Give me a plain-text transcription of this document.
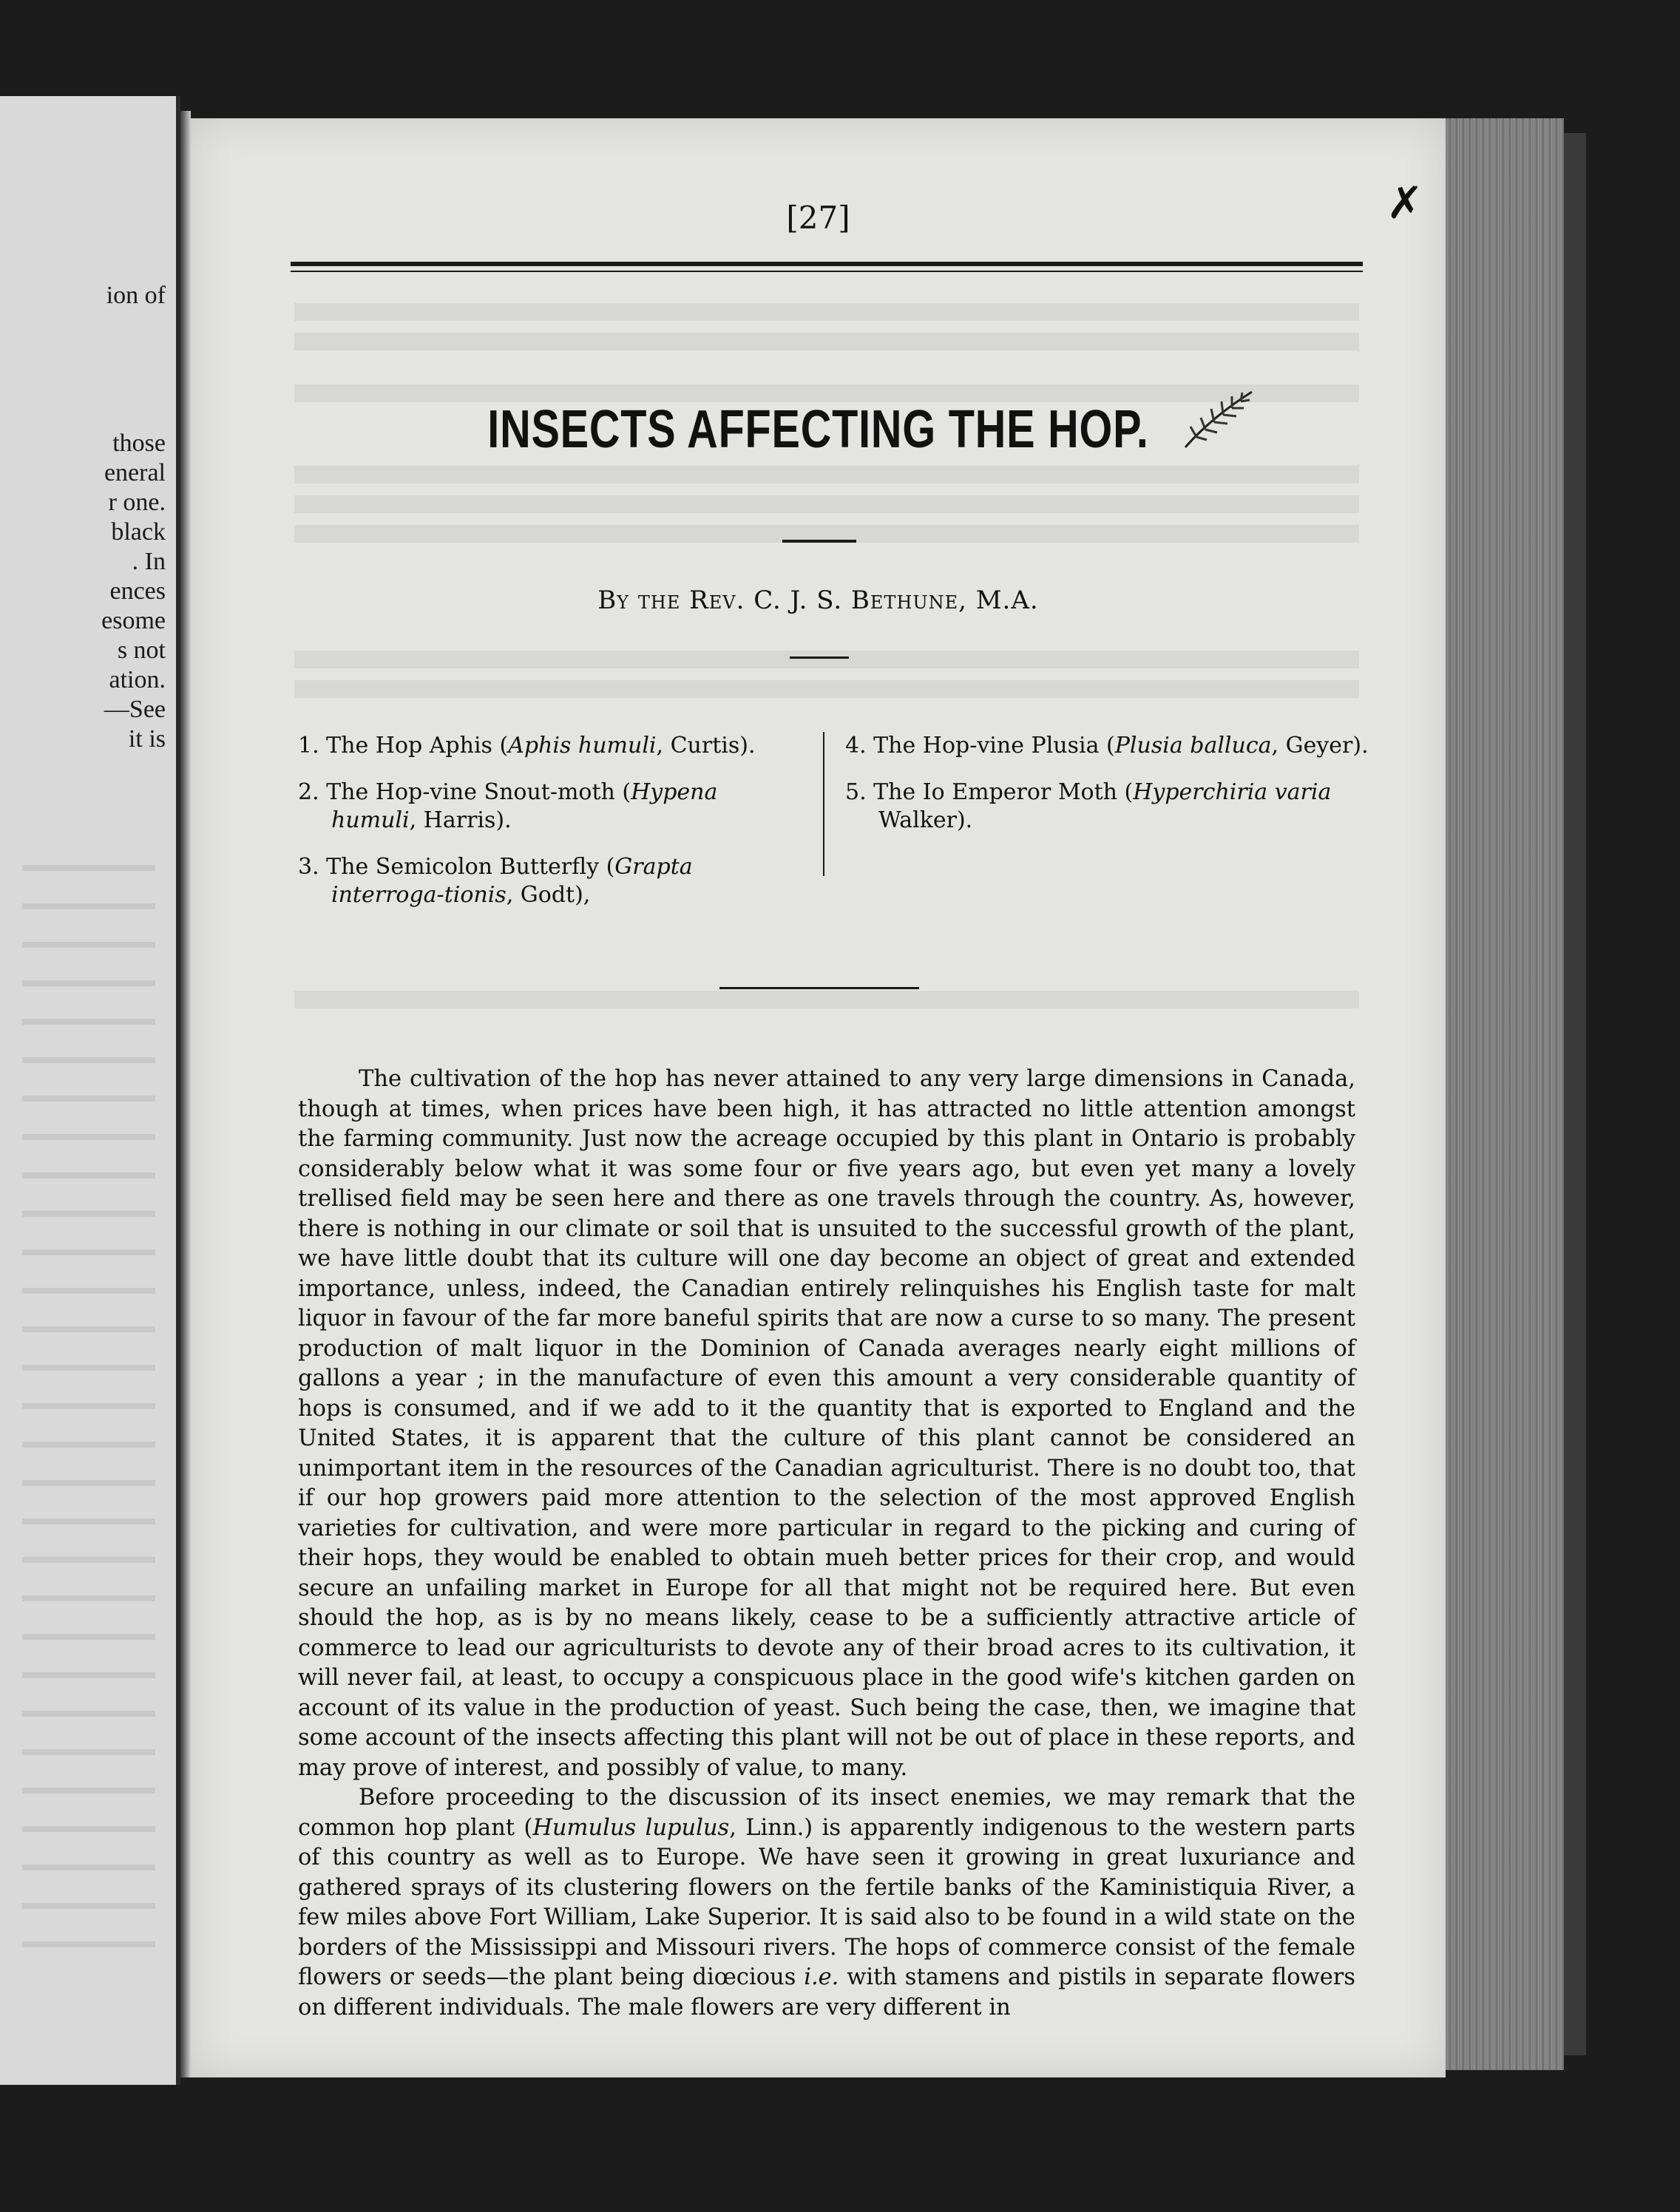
ion of
those
eneral
r one.
black
. In
ences
esome
s not
ation.
—See
it is
[27]	✗
INSECTS AFFECTING THE HOP.
By the Rev. C. J. S. Bethune, M.A.
1. The Hop Aphis (Aphis humuli, Curtis).
2. The Hop-vine Snout-moth (Hypena humuli, Harris).
3. The Semicolon Butterfly (Grapta interroga-tionis, Godt),
4. The Hop-vine Plusia (Plusia balluca, Geyer).
5. The Io Emperor Moth (Hyperchiria varia Walker).

The cultivation of the hop has never attained to any very large dimensions in Canada, though at times, when prices have been high, it has attracted no little attention amongst the farming community. Just now the acreage occupied by this plant in Ontario is probably considerably below what it was some four or five years ago, but even yet many a lovely trellised field may be seen here and there as one travels through the country. As, however, there is nothing in our climate or soil that is unsuited to the successful growth of the plant, we have little doubt that its culture will one day become an object of great and extended importance, unless, indeed, the Canadian entirely relinquishes his English taste for malt liquor in favour of the far more baneful spirits that are now a curse to so many. The present production of malt liquor in the Dominion of Canada averages nearly eight millions of gallons a year ; in the manufacture of even this amount a very considerable quantity of hops is consumed, and if we add to it the quantity that is exported to England and the United States, it is apparent that the culture of this plant cannot be considered an unimportant item in the resources of the Canadian agriculturist. There is no doubt too, that if our hop growers paid more attention to the selection of the most approved English varieties for cultivation, and were more particular in regard to the picking and curing of their hops, they would be enabled to obtain mueh better prices for their crop, and would secure an unfailing market in Europe for all that might not be required here. But even should the hop, as is by no means likely, cease to be a sufficiently attractive article of commerce to lead our agriculturists to devote any of their broad acres to its cultivation, it will never fail, at least, to occupy a conspicuous place in the good wife's kitchen garden on account of its value in the production of yeast. Such being the case, then, we imagine that some account of the insects affecting this plant will not be out of place in these reports, and may prove of interest, and possibly of value, to many.

Before proceeding to the discussion of its insect enemies, we may remark that the common hop plant (Humulus lupulus, Linn.) is apparently indigenous to the western parts of this country as well as to Europe. We have seen it growing in great luxuriance and gathered sprays of its clustering flowers on the fertile banks of the Kaministiquia River, a few miles above Fort William, Lake Superior. It is said also to be found in a wild state on the borders of the Mississippi and Missouri rivers. The hops of commerce consist of the female flowers or seeds—the plant being diœcious i.e. with stamens and pistils in separate flowers on different individuals. The male flowers are very different in
